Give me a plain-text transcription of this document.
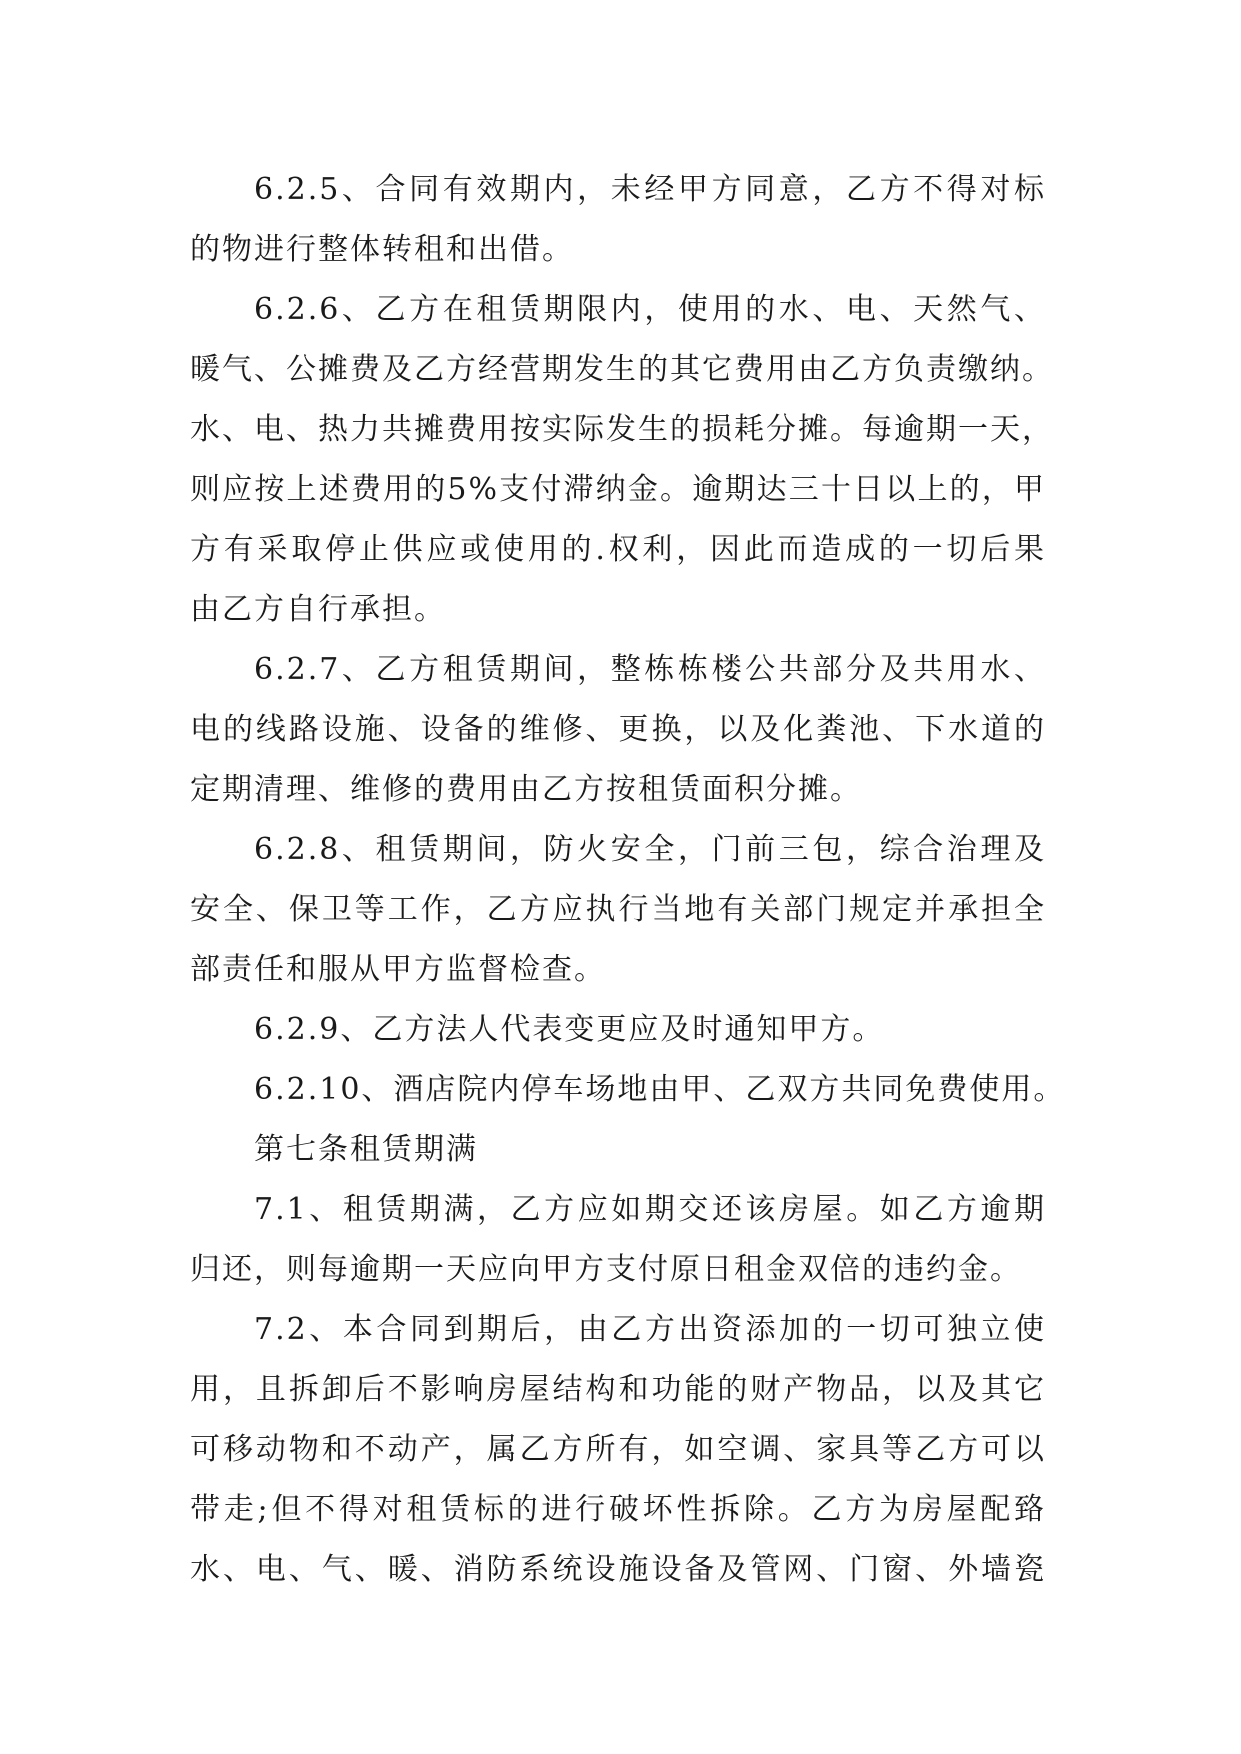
6.2.5、合同有效期内，未经甲方同意，乙方不得对标
的物进行整体转租和出借。
6.2.6、乙方在租赁期限内，使用的水、电、天然气、
暖气、公摊费及乙方经营期发生的其它费用由乙方负责缴纳。
水、电、热力共摊费用按实际发生的损耗分摊。每逾期一天，
则应按上述费用的5%支付滞纳金。逾期达三十日以上的，甲
方有采取停止供应或使用的.权利，因此而造成的一切后果
由乙方自行承担。
6.2.7、乙方租赁期间，整栋栋楼公共部分及共用水、
电的线路设施、设备的维修、更换，以及化粪池、下水道的
定期清理、维修的费用由乙方按租赁面积分摊。
6.2.8、租赁期间，防火安全，门前三包，综合治理及
安全、保卫等工作，乙方应执行当地有关部门规定并承担全
部责任和服从甲方监督检查。
6.2.9、乙方法人代表变更应及时通知甲方。
6.2.10、酒店院内停车场地由甲、乙双方共同免费使用。
第七条租赁期满
7.1、租赁期满，乙方应如期交还该房屋。如乙方逾期
归还，则每逾期一天应向甲方支付原日租金双倍的违约金。
7.2、本合同到期后，由乙方出资添加的一切可独立使
用，且拆卸后不影响房屋结构和功能的财产物品，以及其它
可移动物和不动产，属乙方所有，如空调、家具等乙方可以
带走;但不得对租赁标的进行破坏性拆除。乙方为房屋配臵
水、电、气、暖、消防系统设施设备及管网、门窗、外墙瓷
